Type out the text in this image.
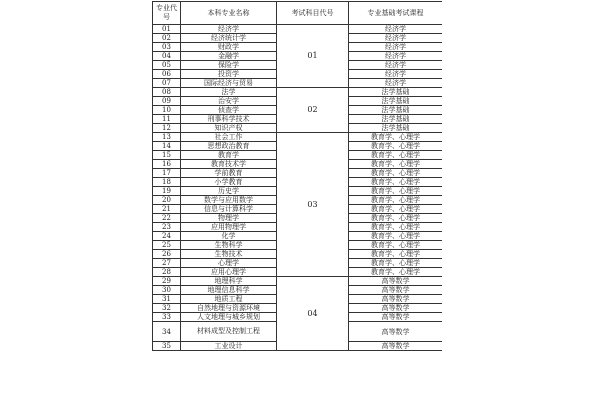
专业代号	本科专业名称	考试科目代号	专业基础考试课程
01	经济学	01	经济学
02	经济统计学		经济学
03	财政学		经济学
04	金融学		经济学
05	保险学		经济学
06	投资学		经济学
07	国际经济与贸易		经济学
08	法学	02	法学基础
09	治安学		法学基础
10	侦查学		法学基础
11	刑事科学技术		法学基础
12	知识产权		法学基础
13	社会工作	03	教育学、心理学
14	思想政治教育		教育学、心理学
15	教育学		教育学、心理学
16	教育技术学		教育学、心理学
17	学前教育		教育学、心理学
18	小学教育		教育学、心理学
19	历史学		教育学、心理学
20	数学与应用数学		教育学、心理学
21	信息与计算科学		教育学、心理学
22	物理学		教育学、心理学
23	应用物理学		教育学、心理学
24	化学		教育学、心理学
25	生物科学		教育学、心理学
26	生物技术		教育学、心理学
27	心理学		教育学、心理学
28	应用心理学		教育学、心理学
29	地理科学	04	高等数学
30	地理信息科学		高等数学
31	地质工程		高等数学
32	自然地理与资源环境		高等数学
33	人文地理与城乡规划		高等数学
34	材料成型及控制工程		高等数学
35	工业设计		高等数学
